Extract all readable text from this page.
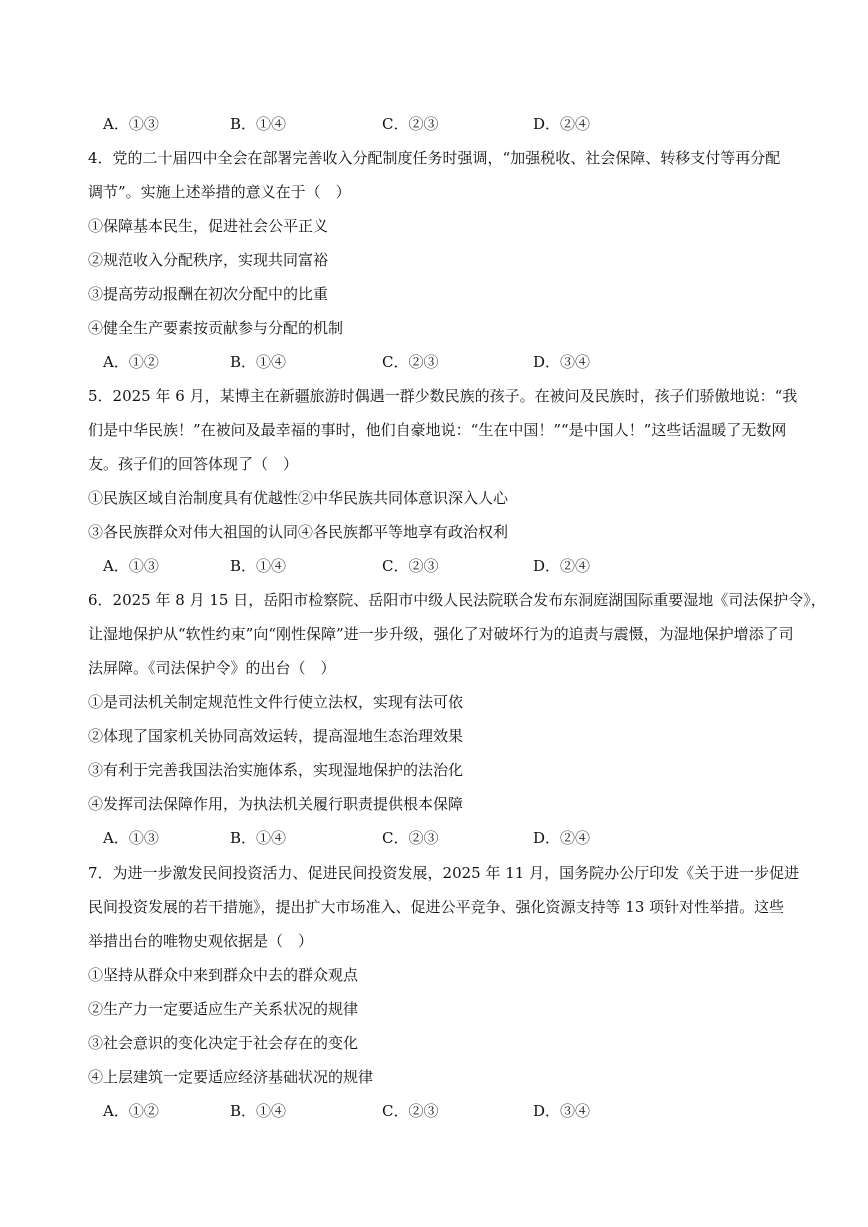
A．①③	B．①④	C．②③	D．②④
4．党的二十届四中全会在部署完善收入分配制度任务时强调，“加强税收、社会保障、转移支付等再分配
调节”。实施上述举措的意义在于（　）
①保障基本民生，促进社会公平正义
②规范收入分配秩序，实现共同富裕
③提高劳动报酬在初次分配中的比重
④健全生产要素按贡献参与分配的机制
A．①②	B．①④	C．②③	D．③④
5．2025 年 6 月，某博主在新疆旅游时偶遇一群少数民族的孩子。在被问及民族时，孩子们骄傲地说：“我
们是中华民族！”在被问及最幸福的事时，他们自豪地说：“生在中国！”“是中国人！”这些话温暖了无数网
友。孩子们的回答体现了（　）
①民族区域自治制度具有优越性②中华民族共同体意识深入人心
③各民族群众对伟大祖国的认同④各民族都平等地享有政治权利
A．①③	B．①④	C．②③	D．②④
6．2025 年 8 月 15 日，岳阳市检察院、岳阳市中级人民法院联合发布东洞庭湖国际重要湿地《司法保护令》，
让湿地保护从“软性约束”向“刚性保障”进一步升级，强化了对破坏行为的追责与震慑，为湿地保护增添了司
法屏障。《司法保护令》的出台（　）
①是司法机关制定规范性文件行使立法权，实现有法可依
②体现了国家机关协同高效运转，提高湿地生态治理效果
③有利于完善我国法治实施体系，实现湿地保护的法治化
④发挥司法保障作用，为执法机关履行职责提供根本保障
A．①③	B．①④	C．②③	D．②④
7．为进一步激发民间投资活力、促进民间投资发展，2025 年 11 月，国务院办公厅印发《关于进一步促进
民间投资发展的若干措施》，提出扩大市场准入、促进公平竞争、强化资源支持等 13 项针对性举措。这些
举措出台的唯物史观依据是（　）
①坚持从群众中来到群众中去的群众观点
②生产力一定要适应生产关系状况的规律
③社会意识的变化决定于社会存在的变化
④上层建筑一定要适应经济基础状况的规律
A．①②	B．①④	C．②③	D．③④
